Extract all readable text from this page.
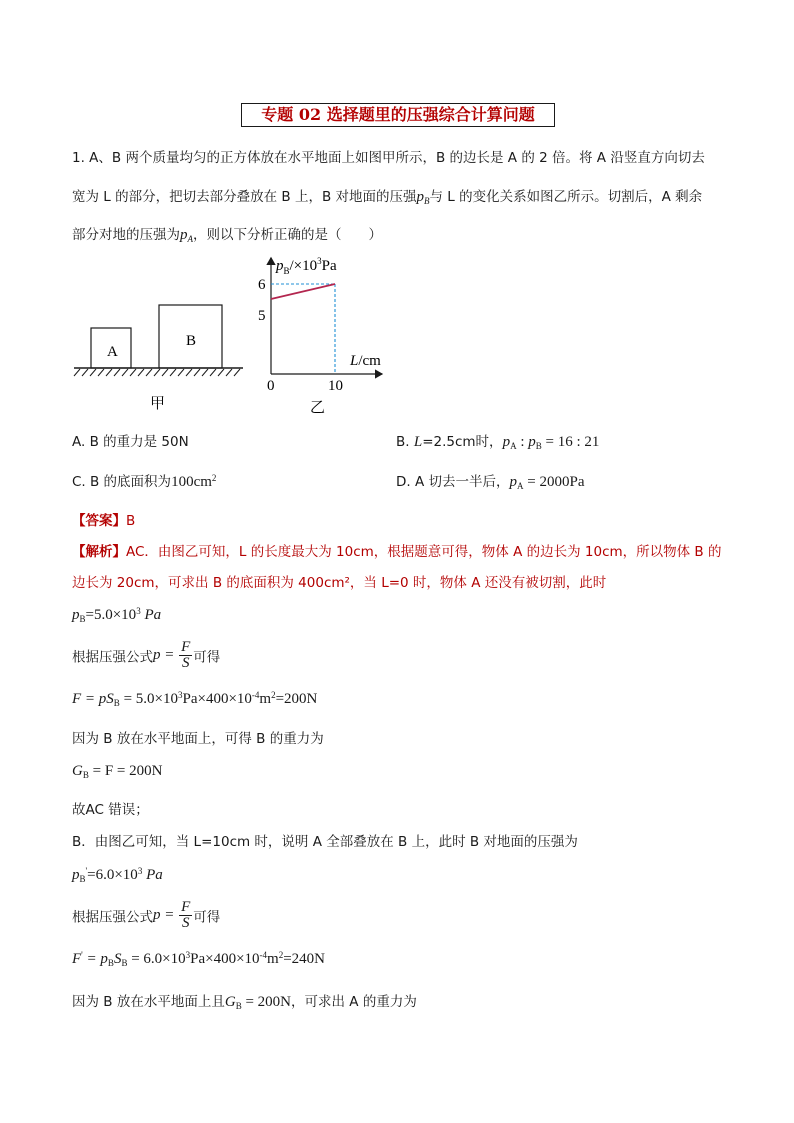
专题 02 选择题里的压强综合计算问题
1. A、B 两个质量均匀的正方体放在水平地面上如图甲所示，B 的边长是 A 的 2 倍。将 A 沿竖直方向切去
宽为 L 的部分，把切去部分叠放在 B 上，B 对地面的压强$p_B$与 L 的变化关系如图乙所示。切割后，A 剩余
部分对地的压强为$p_A$，则以下分析正确的是（　　）
A
B
甲
$p_B/\times 10^3Pa$
L/cm
6
5
0	10
乙
A. B 的重力是 50N	B. L=2.5cm时，$p_A$ : $p_B = 16$ : 21
C. B 的底面积为$100cm^2$	D. A 切去一半后，$p_A = 2000Pa$
【答案】B
【解析】AC．由图乙可知，L 的长度最大为 10cm，根据题意可得，物体 A 的边长为 10cm，所以物体 B 的
边长为 20cm，可求出 B 的底面积为 400cm²，当 L=0 时，物体 A 还没有被切割，此时
$p_B=5.0\times 10^3$ Pa
根据压强公式$p = \frac{F}{S}$ 可得
$F = pS_B = 5.0\times 10^3Pa\times 400\times 10^{-4}m^2=200N$
因为 B 放在水平地面上，可得 B 的重力为
$G_B = F = 200N$
故AC 错误；
B．由图乙可知，当 L=10cm 时，说明 A 全部叠放在 B 上，此时 B 对地面的压强为
$p_B'=6.0\times 10^3$ Pa
根据压强公式$p = \frac{F}{S}$ 可得
$F' = p_BS_B = 6.0\times 10^3Pa\times 400\times 10^{-4}m^2=240N$
因为 B 放在水平地面上且$G_B = 200N$，可求出 A 的重力为
